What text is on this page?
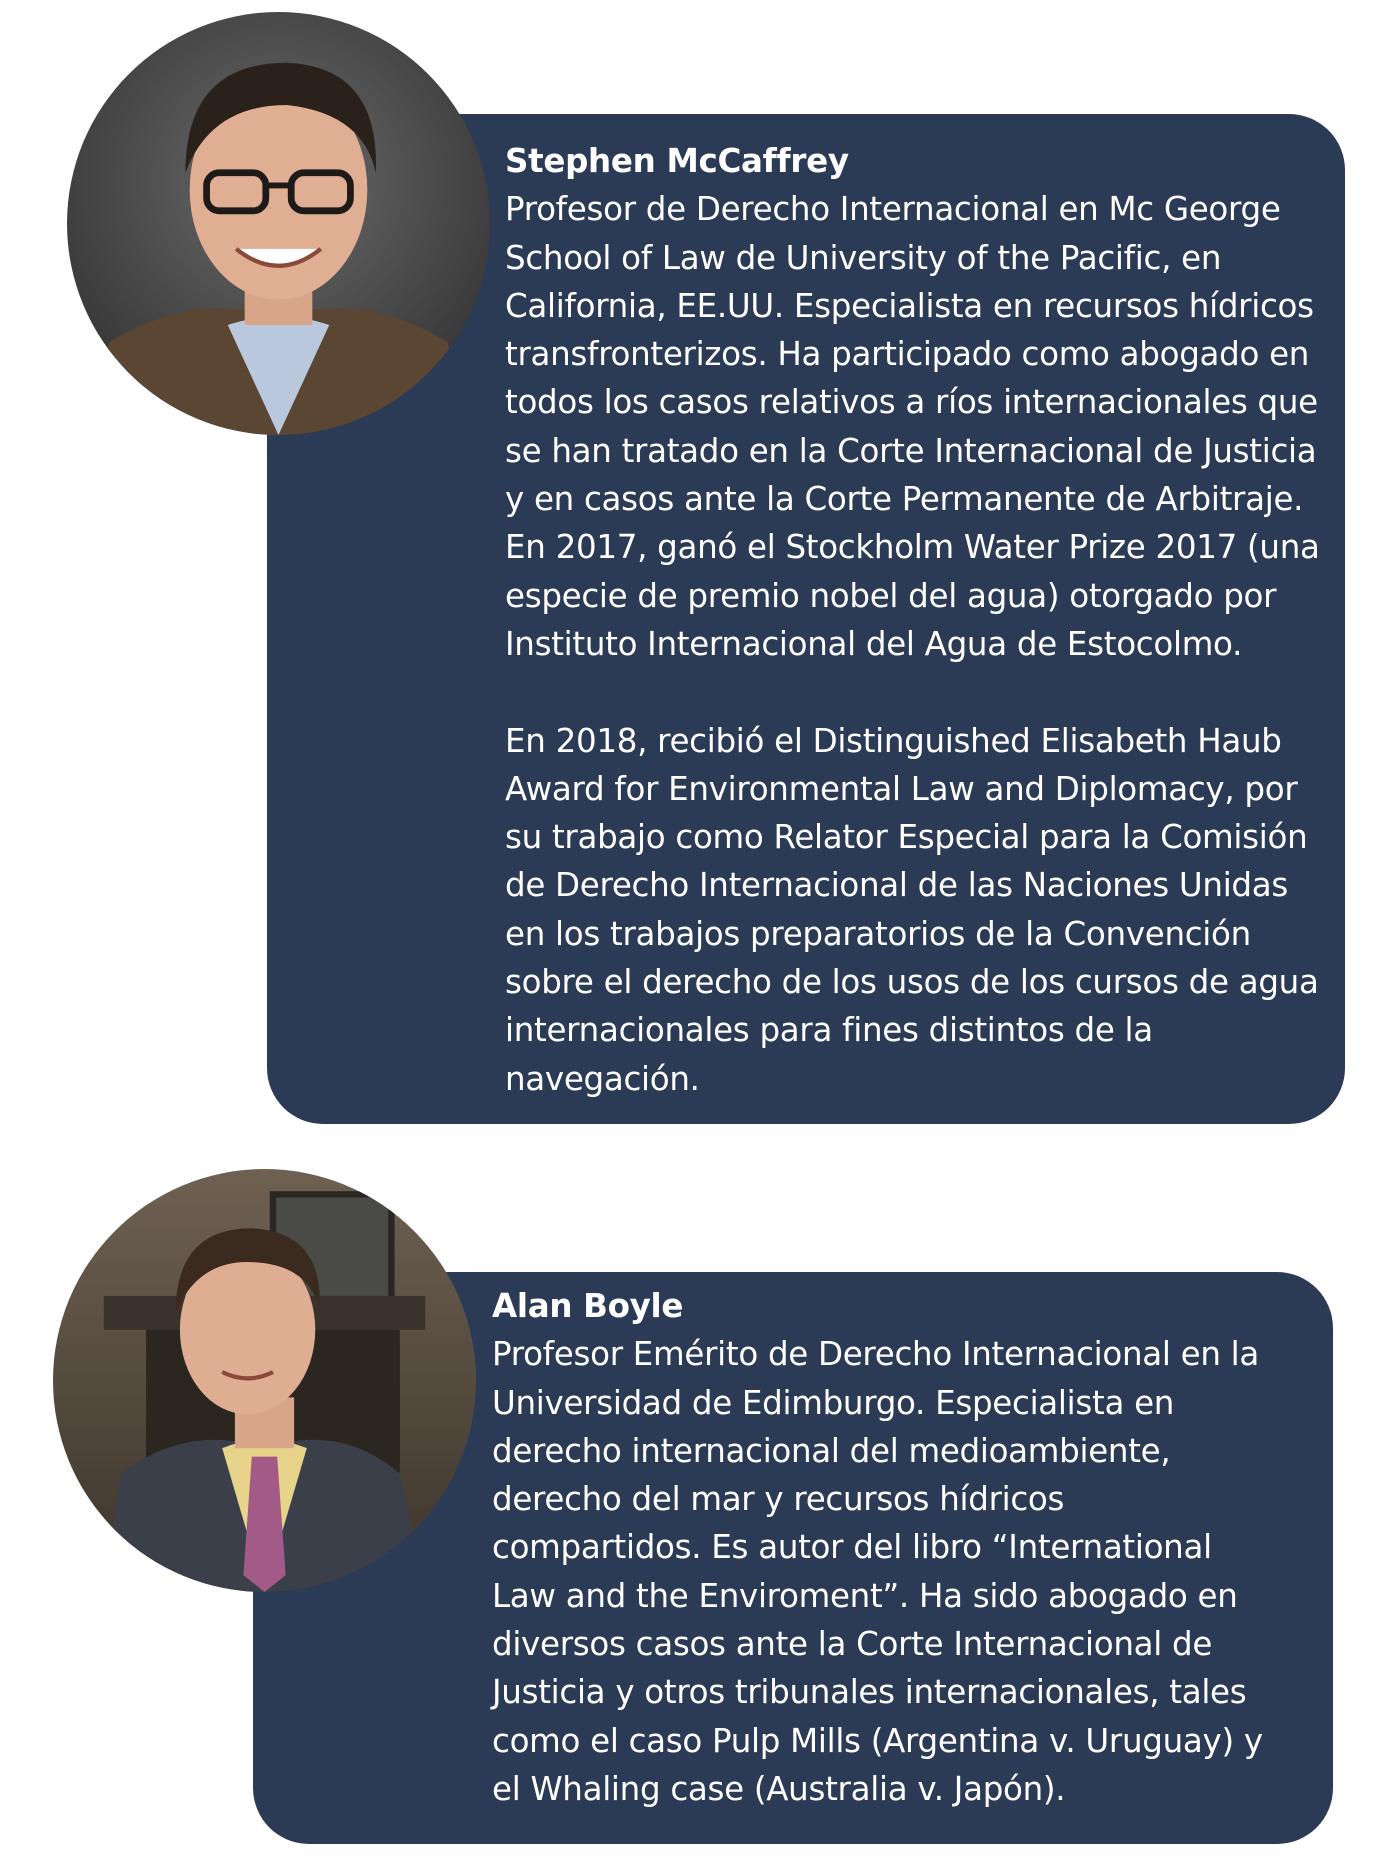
Stephen McCaffrey
Profesor de Derecho Internacional en Mc George
School of Law de University of the Pacific, en
California, EE.UU. Especialista en recursos hídricos
transfronterizos. Ha participado como abogado en
todos los casos relativos a ríos internacionales que
se han tratado en la Corte Internacional de Justicia
y en casos ante la Corte Permanente de Arbitraje.
En 2017, ganó el Stockholm Water Prize 2017 (una
especie de premio nobel del agua) otorgado por
Instituto Internacional del Agua de Estocolmo.
En 2018, recibió el Distinguished Elisabeth Haub
Award for Environmental Law and Diplomacy, por
su trabajo como Relator Especial para la Comisión
de Derecho Internacional de las Naciones Unidas
en los trabajos preparatorios de la Convención
sobre el derecho de los usos de los cursos de agua
internacionales para fines distintos de la
navegación.
Alan Boyle
Profesor Emérito de Derecho Internacional en la
Universidad de Edimburgo. Especialista en
derecho internacional del medioambiente,
derecho del mar y recursos hídricos
compartidos. Es autor del libro “International
Law and the Enviroment”. Ha sido abogado en
diversos casos ante la Corte Internacional de
Justicia y otros tribunales internacionales, tales
como el caso Pulp Mills (Argentina v. Uruguay) y
el Whaling case (Australia v. Japón).
